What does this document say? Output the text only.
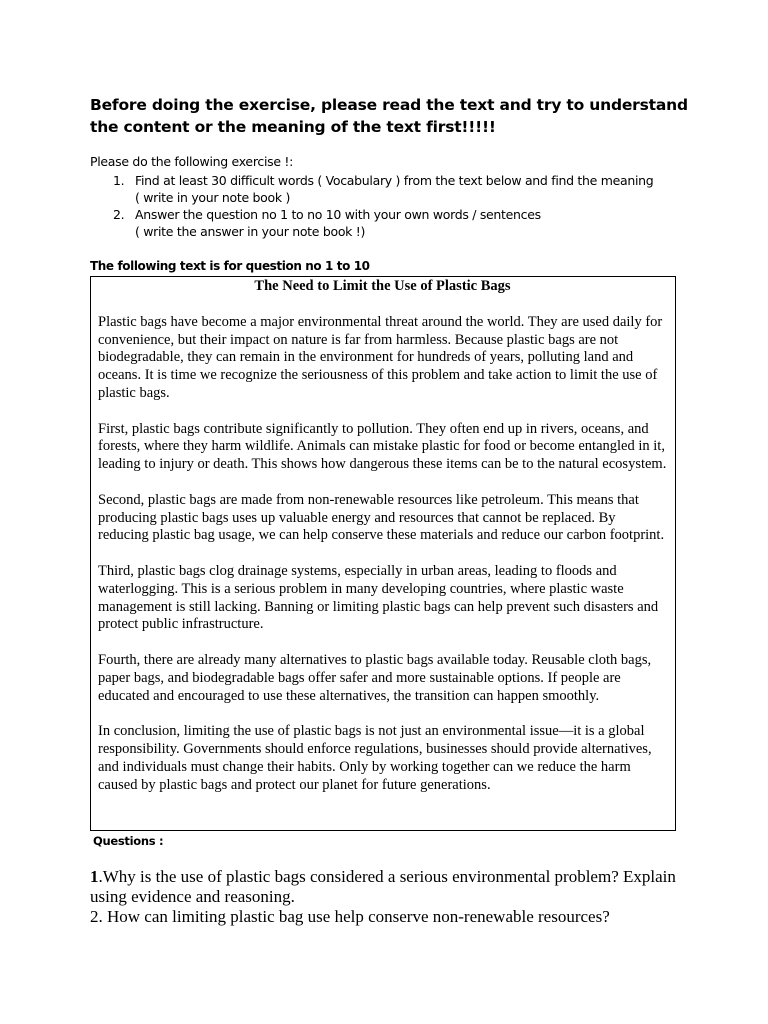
Before doing the exercise, please read the text and try to understand the content or the meaning of the text first!!!!!
Please do the following exercise !:
1. Find at least 30 difficult words ( Vocabulary ) from the text below and find the meaning
( write in your note book )
2. Answer the question no 1 to no 10 with your own words / sentences
( write the answer in your note book !)
The following text is for question no 1 to 10
The Need to Limit the Use of Plastic Bags

Plastic bags have become a major environmental threat around the world. They are used daily for convenience, but their impact on nature is far from harmless. Because plastic bags are not biodegradable, they can remain in the environment for hundreds of years, polluting land and oceans. It is time we recognize the seriousness of this problem and take action to limit the use of plastic bags.

First, plastic bags contribute significantly to pollution. They often end up in rivers, oceans, and forests, where they harm wildlife. Animals can mistake plastic for food or become entangled in it, leading to injury or death. This shows how dangerous these items can be to the natural ecosystem.

Second, plastic bags are made from non-renewable resources like petroleum. This means that producing plastic bags uses up valuable energy and resources that cannot be replaced. By reducing plastic bag usage, we can help conserve these materials and reduce our carbon footprint.

Third, plastic bags clog drainage systems, especially in urban areas, leading to floods and waterlogging. This is a serious problem in many developing countries, where plastic waste management is still lacking. Banning or limiting plastic bags can help prevent such disasters and protect public infrastructure.

Fourth, there are already many alternatives to plastic bags available today. Reusable cloth bags, paper bags, and biodegradable bags offer safer and more sustainable options. If people are educated and encouraged to use these alternatives, the transition can happen smoothly.

In conclusion, limiting the use of plastic bags is not just an environmental issue—it is a global responsibility. Governments should enforce regulations, businesses should provide alternatives, and individuals must change their habits. Only by working together can we reduce the harm caused by plastic bags and protect our planet for future generations.

Questions :

1.Why is the use of plastic bags considered a serious environmental problem? Explain using evidence and reasoning.

2. How can limiting plastic bag use help conserve non-renewable resources?
